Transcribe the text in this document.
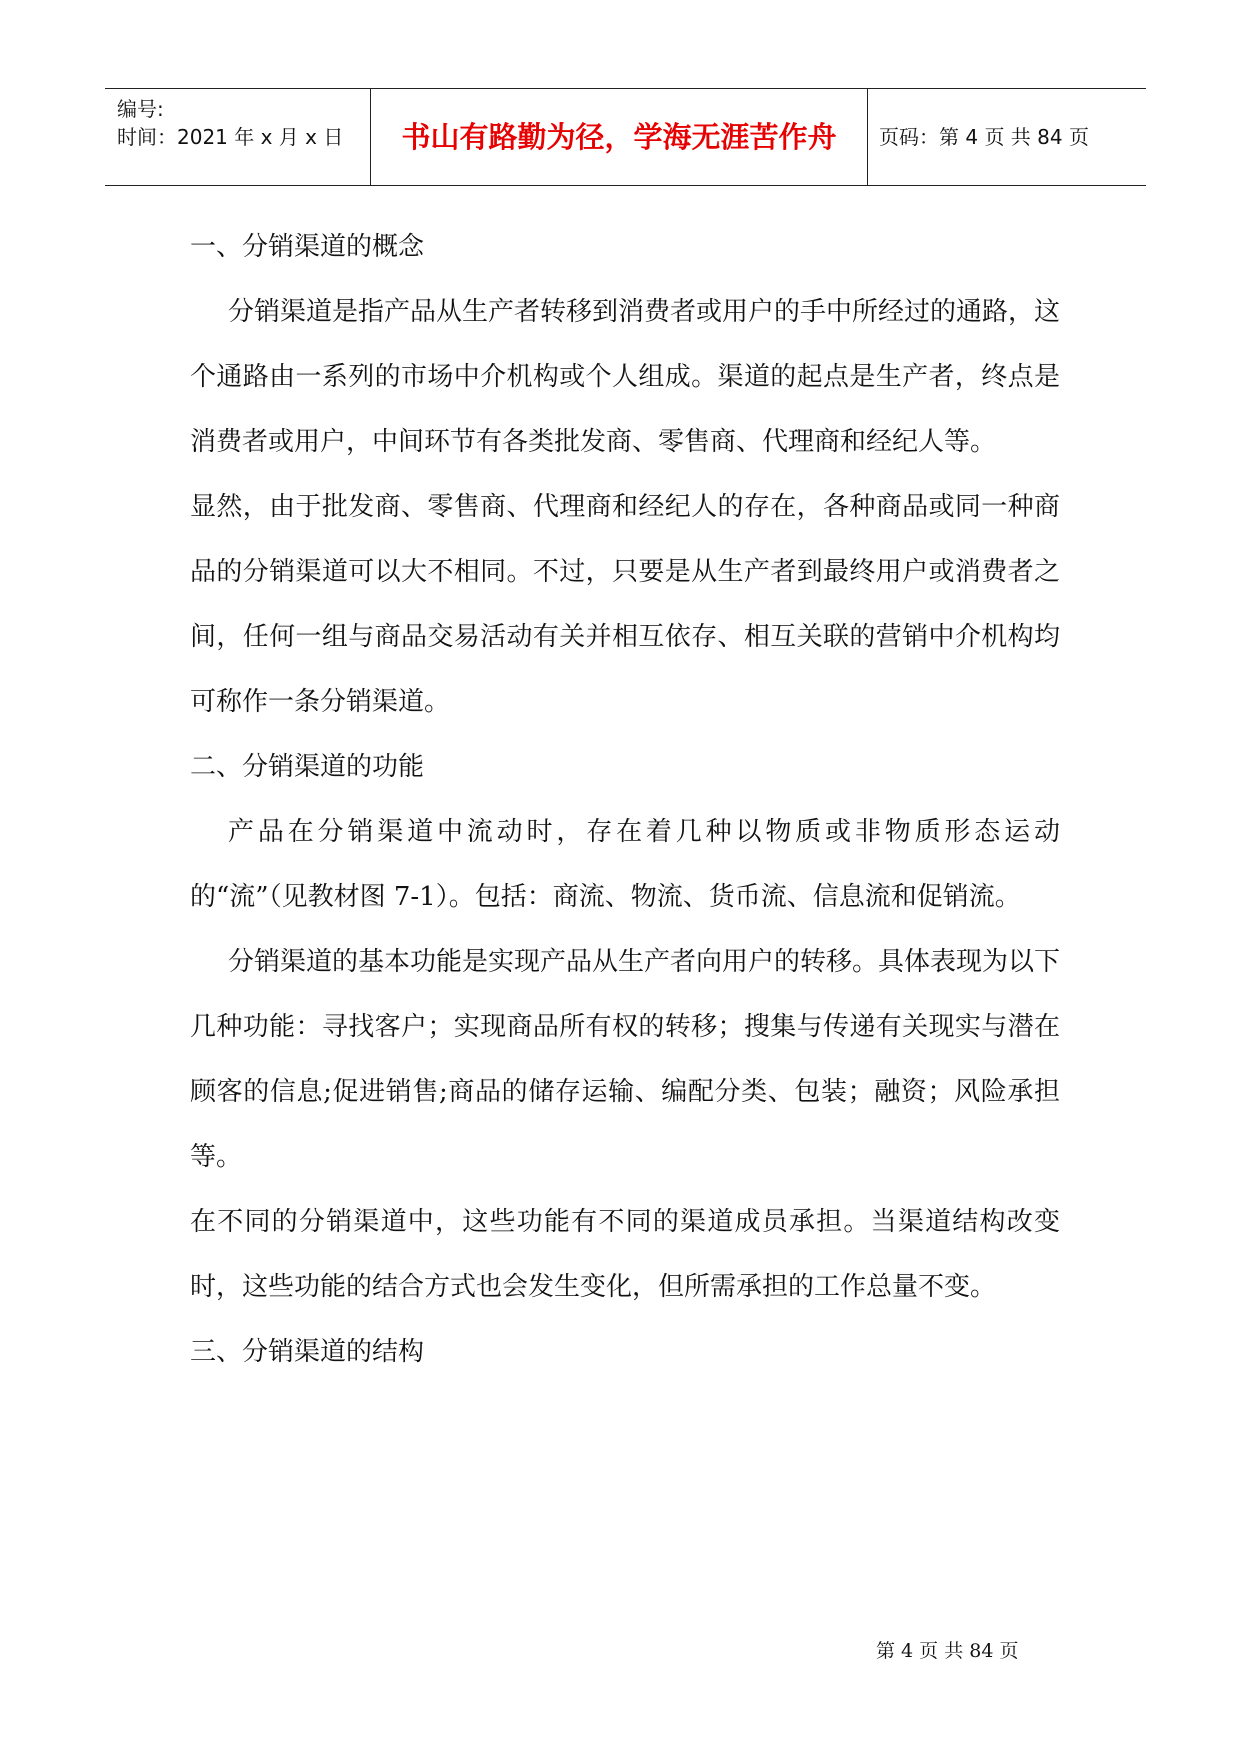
编号:
时间：2021 年 x 月 x 日	书山有路勤为径，学海无涯苦作舟	页码：第 4 页 共 84 页

一、分销渠道的概念

分销渠道是指产品从生产者转移到消费者或用户的手中所经过的通路，这个通路由一系列的市场中介机构或个人组成。渠道的起点是生产者，终点是消费者或用户，中间环节有各类批发商、零售商、代理商和经纪人等。

显然，由于批发商、零售商、代理商和经纪人的存在，各种商品或同一种商品的分销渠道可以大不相同。不过，只要是从生产者到最终用户或消费者之间，任何一组与商品交易活动有关并相互依存、相互关联的营销中介机构均可称作一条分销渠道。

二、分销渠道的功能

产品在分销渠道中流动时，存在着几种以物质或非物质形态运动的“流”（见教材图 7-1）。包括：商流、物流、货币流、信息流和促销流。

分销渠道的基本功能是实现产品从生产者向用户的转移。具体表现为以下几种功能：寻找客户；实现商品所有权的转移；搜集与传递有关现实与潜在顾客的信息;促进销售;商品的储存运输、编配分类、包装；融资；风险承担等。

在不同的分销渠道中，这些功能有不同的渠道成员承担。当渠道结构改变时，这些功能的结合方式也会发生变化，但所需承担的工作总量不变。

三、分销渠道的结构

第 4 页 共 84 页
